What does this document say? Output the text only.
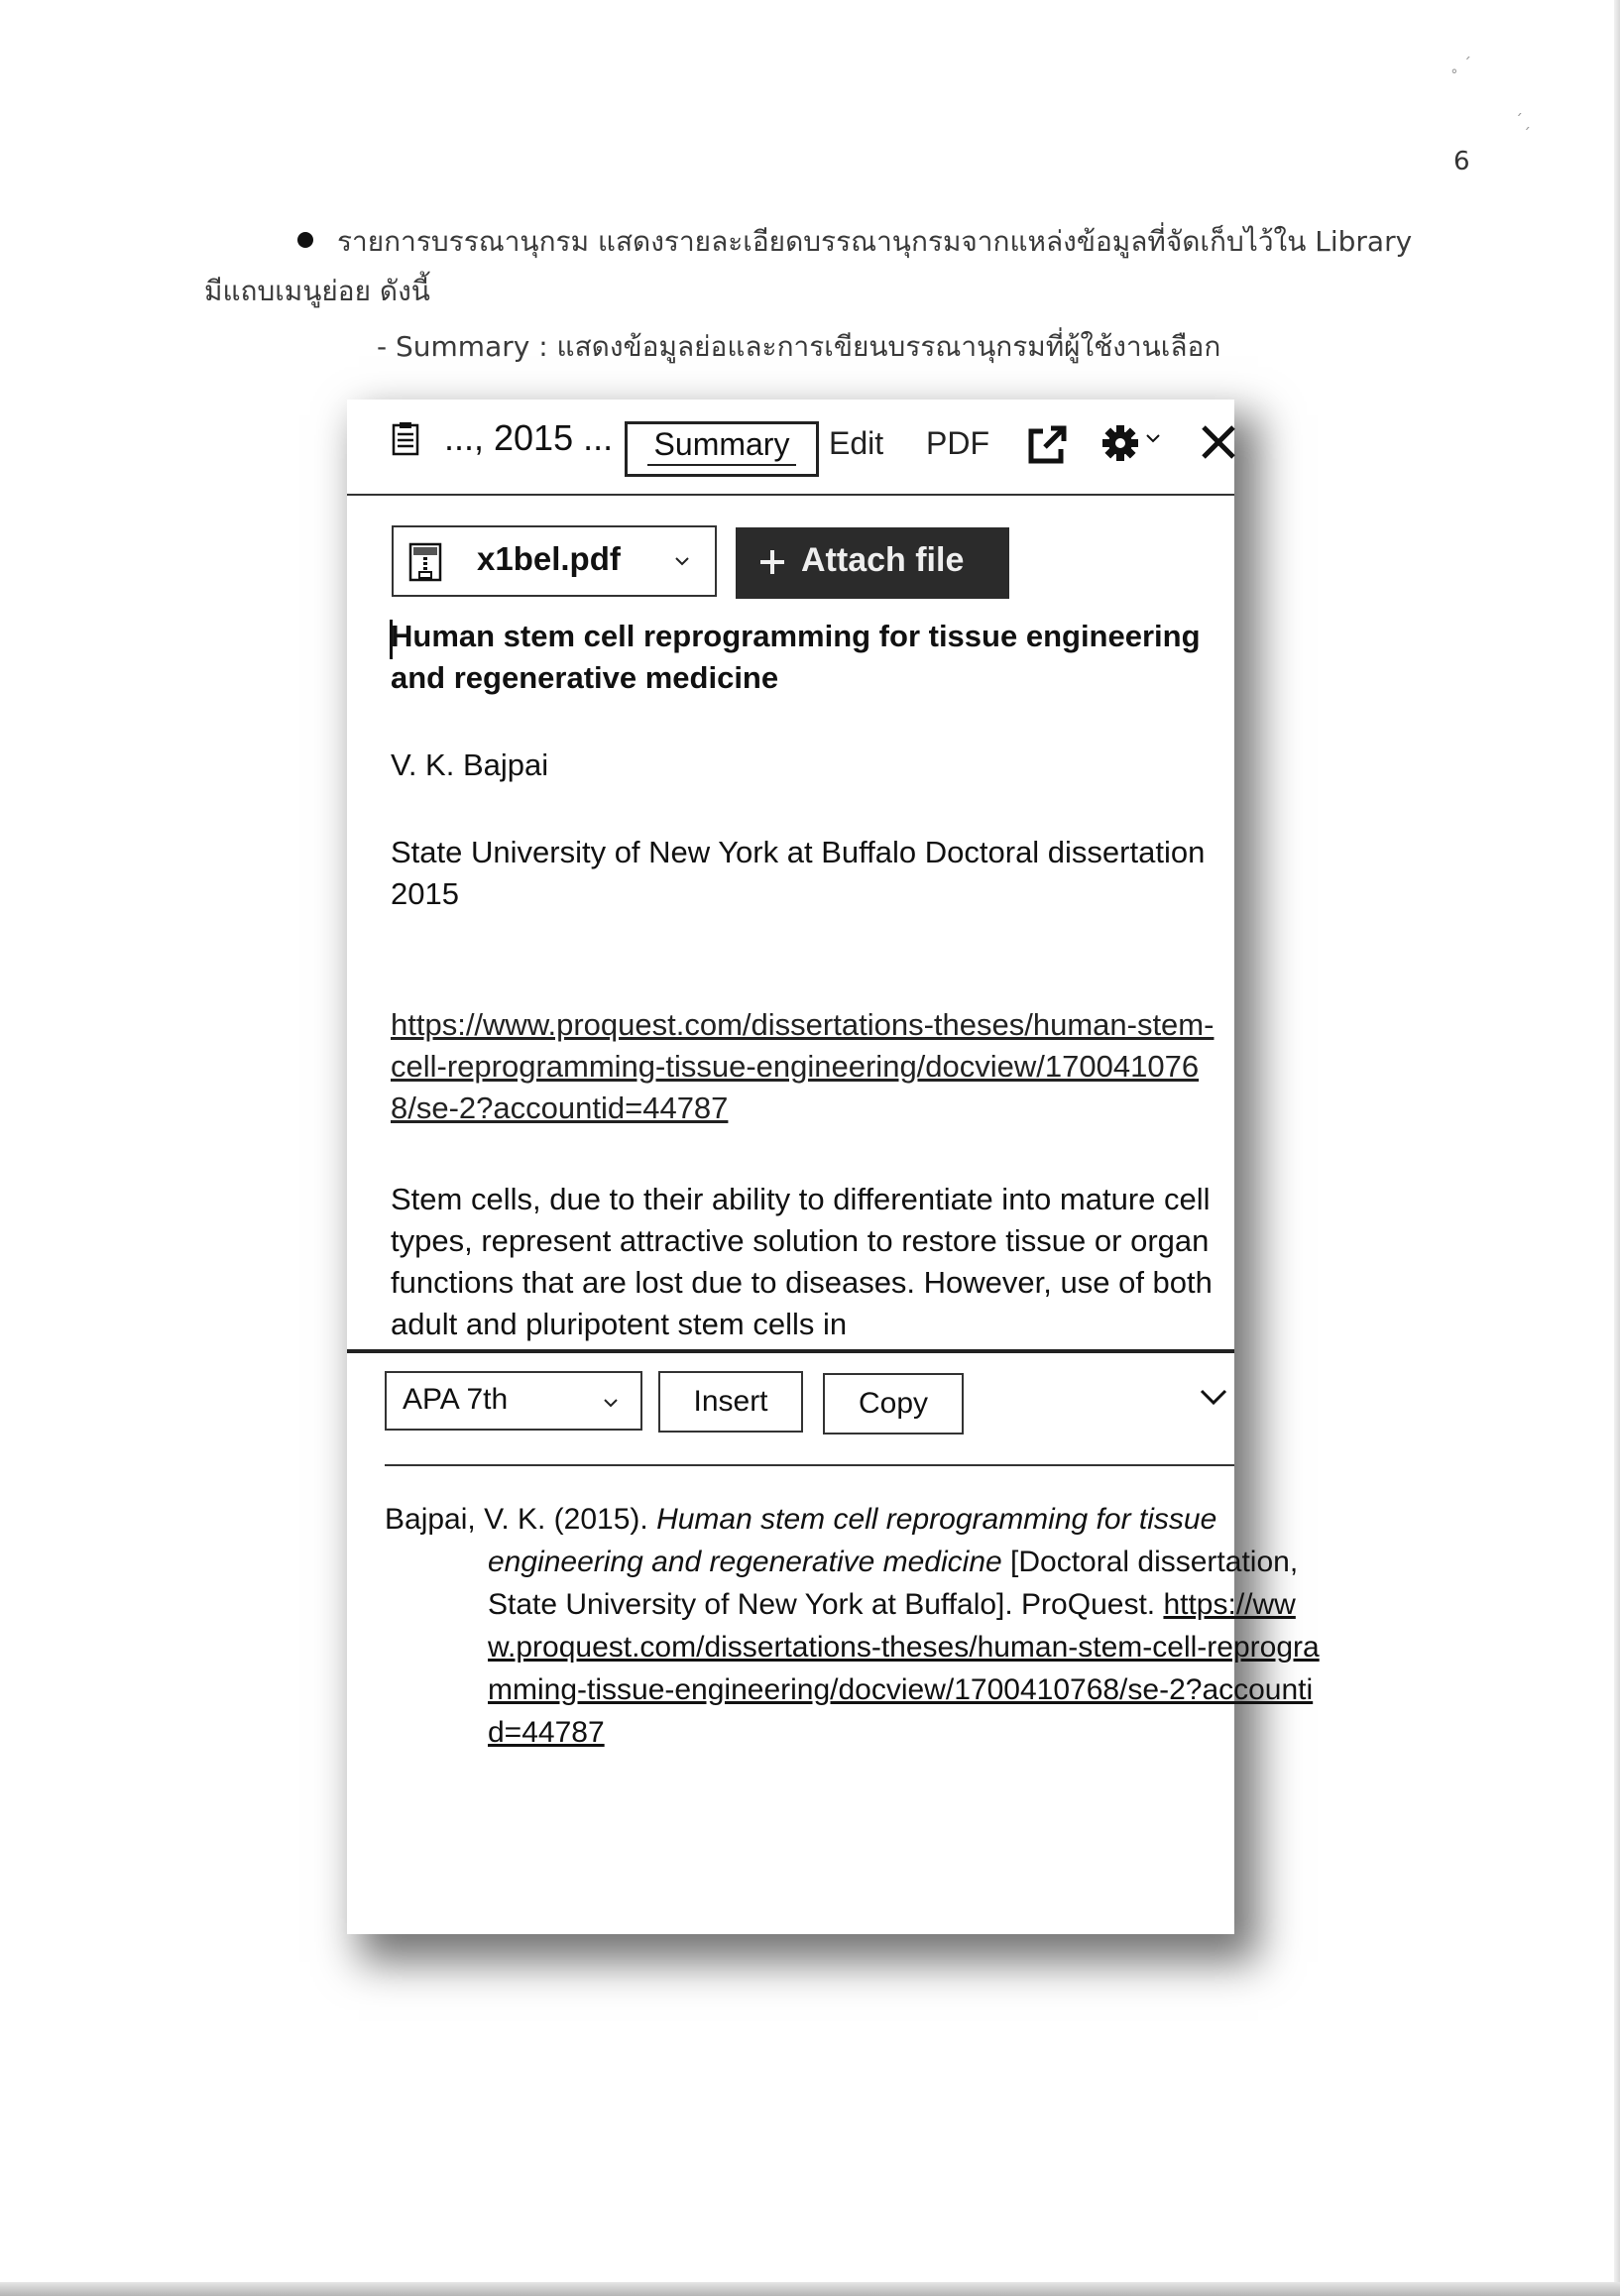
˳ ˊ
ˊˏ
6
รายการบรรณานุกรม แสดงรายละเอียดบรรณานุกรมจากแหล่งข้อมูลที่จัดเก็บไว้ใน Library
มีแถบเมนูย่อย ดังนี้
- Summary : แสดงข้อมูลย่อและการเขียนบรรณานุกรมที่ผู้ใช้งานเลือก
..., 2015 ...	Summary	Edit PDF
x1bel.pdf	Attach file
Human stem cell reprogramming for tissue engineering and regenerative medicine
V. K. Bajpai
State University of New York at Buffalo Doctoral dissertation 2015
https://www.proquest.com/dissertations-theses/human-stem-cell-reprogramming-tissue-engineering/docview/1700410768/se-2?accountid=44787
Stem cells, due to their ability to differentiate into mature cell types, represent attractive solution to restore tissue or organ functions that are lost due to diseases. However, use of both adult and pluripotent stem cells in
APA 7th	Insert	Copy
Bajpai, V. K. (2015). Human stem cell reprogramming for tissue engineering and regenerative medicine [Doctoral dissertation, State University of New York at Buffalo]. ProQuest. https://www.proquest.com/dissertations-theses/human-stem-cell-reprogramming-tissue-engineering/docview/1700410768/se-2?accountid=44787
